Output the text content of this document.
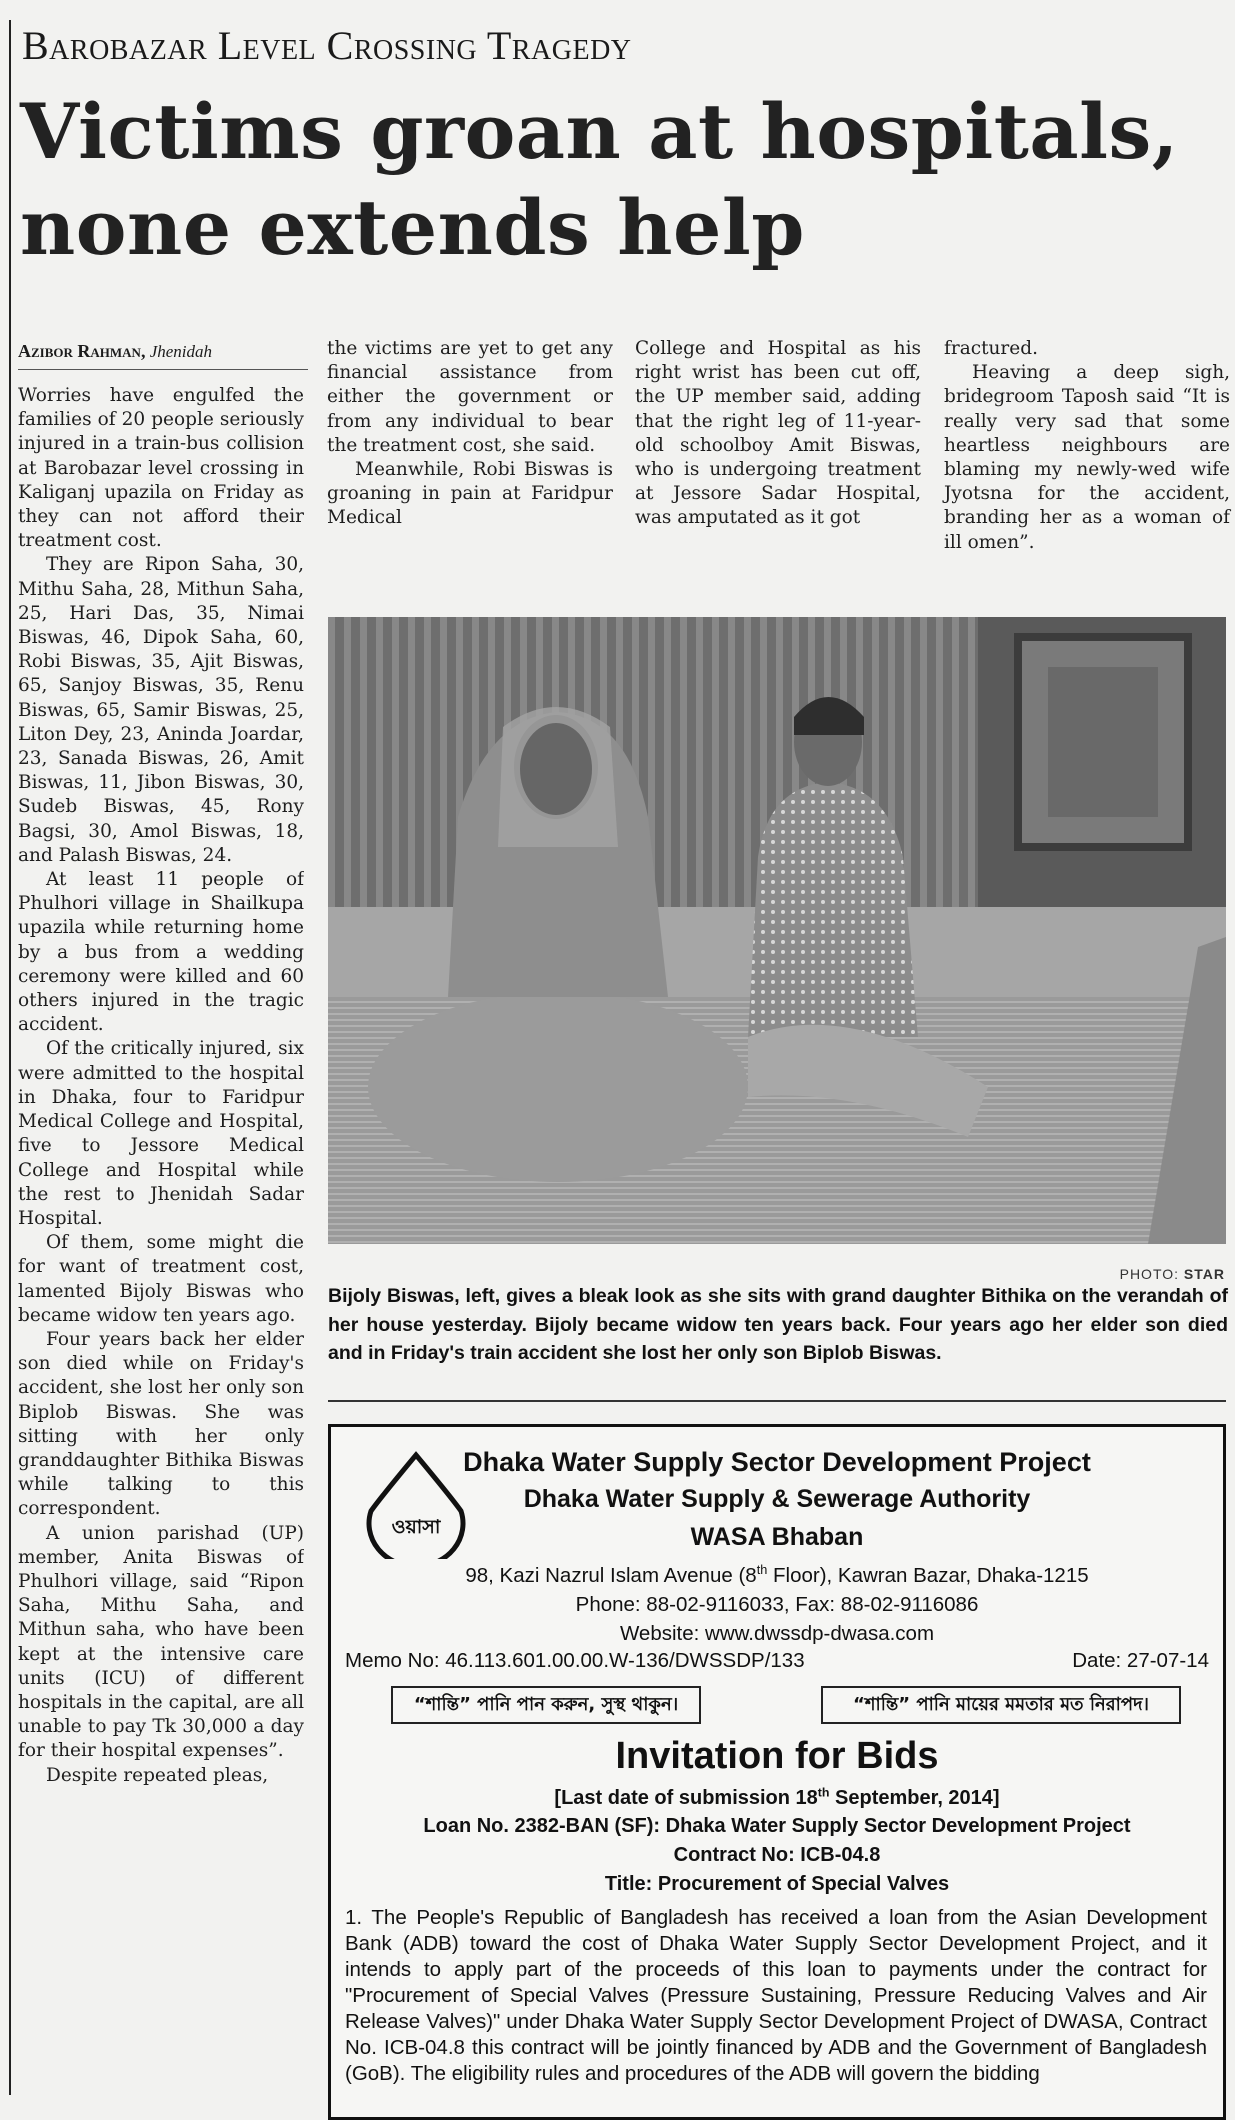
Barobazar Level Crossing Tragedy
Victims groan at hospitals,
none extends help
Azibor Rahman, Jhenidah

Worries have engulfed the families of 20 people seriously injured in a train-bus collision at Barobazar level crossing in Kaliganj upazila on Friday as they can not afford their treatment cost.

They are Ripon Saha, 30, Mithu Saha, 28, Mithun Saha, 25, Hari Das, 35, Nimai Biswas, 46, Dipok Saha, 60, Robi Biswas, 35, Ajit Biswas, 65, Sanjoy Biswas, 35, Renu Biswas, 65, Samir Biswas, 25, Liton Dey, 23, Aninda Joardar, 23, Sanada Biswas, 26, Amit Biswas, 11, Jibon Biswas, 30, Sudeb Biswas, 45, Rony Bagsi, 30, Amol Biswas, 18, and Palash Biswas, 24.

At least 11 people of Phulhori village in Shailkupa upazila while returning home by a bus from a wedding ceremony were killed and 60 others injured in the tragic accident.

Of the critically injured, six were admitted to the hospital in Dhaka, four to Faridpur Medical College and Hospital, five to Jessore Medical College and Hospital while the rest to Jhenidah Sadar Hospital.

Of them, some might die for want of treatment cost, lamented Bijoly Biswas who became widow ten years ago.

Four years back her elder son died while on Friday's accident, she lost her only son Biplob Biswas. She was sitting with her only granddaughter Bithika Biswas while talking to this correspondent.

A union parishad (UP) member, Anita Biswas of Phulhori village, said “Ripon Saha, Mithu Saha, and Mithun saha, who have been kept at the intensive care units (ICU) of different hospitals in the capital, are all unable to pay Tk 30,000 a day for their hospital expenses”.

Despite repeated pleas,

the victims are yet to get any financial assistance from either the government or from any individual to bear the treatment cost, she said.

Meanwhile, Robi Biswas is groaning in pain at Faridpur Medical

College and Hospital as his right wrist has been cut off, the UP member said, adding that the right leg of 11-year-old schoolboy Amit Biswas, who is undergoing treatment at Jessore Sadar Hospital, was amputated as it got

fractured.

Heaving a deep sigh, bridegroom Taposh said “It is really very sad that some heartless neighbours are blaming my newly-wed wife Jyotsna for the accident, branding her as a woman of ill omen”.

PHOTO: STAR
Bijoly Biswas, left, gives a bleak look as she sits with grand daughter Bithika on the verandah of her house yesterday. Bijoly became widow ten years back. Four years ago her elder son died and in Friday's train accident she lost her only son Biplob Biswas.
ওয়াসা
Dhaka Water Supply Sector Development Project
Dhaka Water Supply & Sewerage Authority
WASA Bhaban
98, Kazi Nazrul Islam Avenue (8th Floor), Kawran Bazar, Dhaka-1215
Phone: 88-02-9116033, Fax: 88-02-9116086
Website: www.dwssdp-dwasa.com
Memo No: 46.113.601.00.00.W-136/DWSSDP/133	Date: 27-07-14
“শান্তি” পানি পান করুন, সুস্থ থাকুন।	“শান্তি” পানি মায়ের মমতার মত নিরাপদ।
Invitation for Bids
[Last date of submission 18th September, 2014]
Loan No. 2382-BAN (SF): Dhaka Water Supply Sector Development Project
Contract No: ICB-04.8
Title: Procurement of Special Valves
1. The People's Republic of Bangladesh has received a loan from the Asian Development Bank (ADB) toward the cost of Dhaka Water Supply Sector Development Project, and it intends to apply part of the proceeds of this loan to payments under the contract for "Procurement of Special Valves (Pressure Sustaining, Pressure Reducing Valves and Air Release Valves)" under Dhaka Water Supply Sector Development Project of DWASA, Contract No. ICB-04.8 this contract will be jointly financed by ADB and the Government of Bangladesh (GoB). The eligibility rules and procedures of the ADB will govern the bidding
